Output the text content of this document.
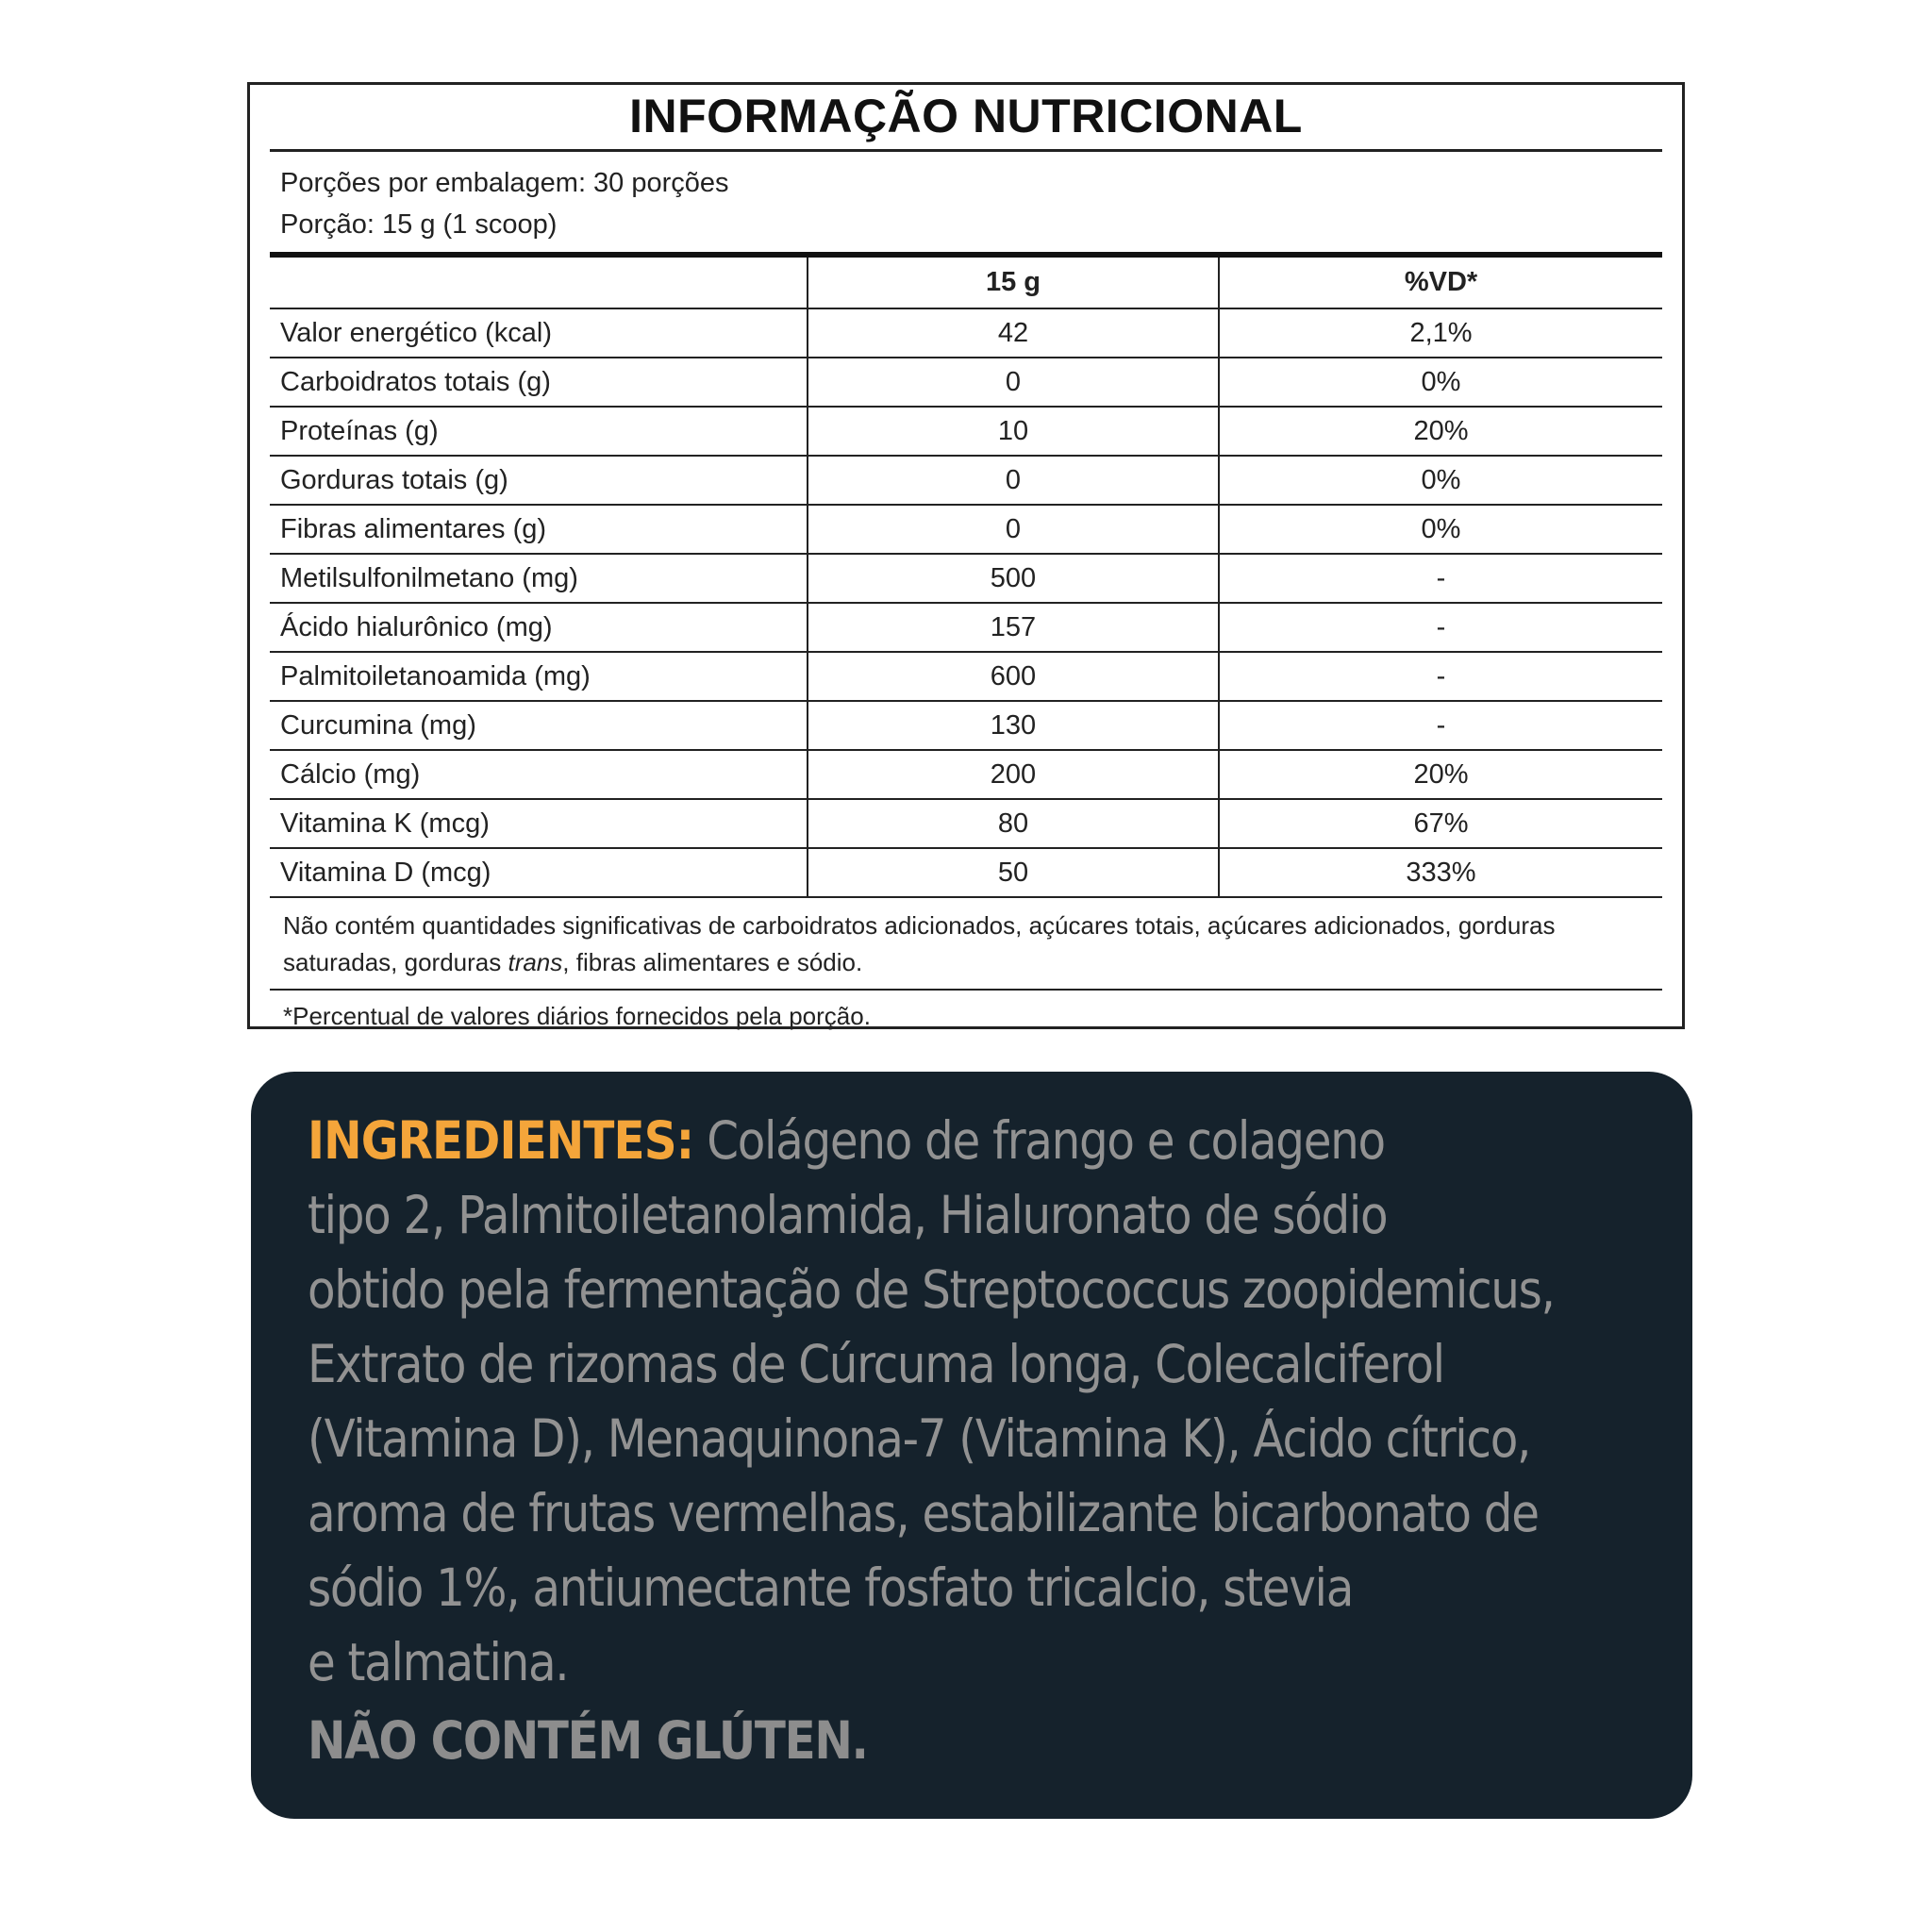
INFORMAÇÃO NUTRICIONAL
Porções por embalagem: 30 porções
Porção: 15 g (1 scoop)
	15 g	%VD*
Valor energético (kcal)	42	2,1%
Carboidratos totais (g)	0	0%
Proteínas (g)	10	20%
Gorduras totais (g)	0	0%
Fibras alimentares (g)	0	0%
Metilsulfonilmetano (mg)	500	-
Ácido hialurônico (mg)	157	-
Palmitoiletanoamida (mg)	600	-
Curcumina (mg)	130	-
Cálcio (mg)	200	20%
Vitamina K (mcg)	80	67%
Vitamina D (mcg)	50	333%
Não contém quantidades significativas de carboidratos adicionados, açúcares totais, açúcares adicionados, gorduras saturadas, gorduras trans, fibras alimentares e sódio.
*Percentual de valores diários fornecidos pela porção.

INGREDIENTES: Colágeno de frango e colageno

tipo 2, Palmitoiletanolamida, Hialuronato de sódio

obtido pela fermentação de Streptococcus zoopidemicus,

Extrato de rizomas de Cúrcuma longa, Colecalciferol

(Vitamina D), Menaquinona-7 (Vitamina K), Ácido cítrico,

aroma de frutas vermelhas, estabilizante bicarbonato de

sódio 1%, antiumectante fosfato tricalcio, stevia

e talmatina.

NÃO CONTÉM GLÚTEN.
